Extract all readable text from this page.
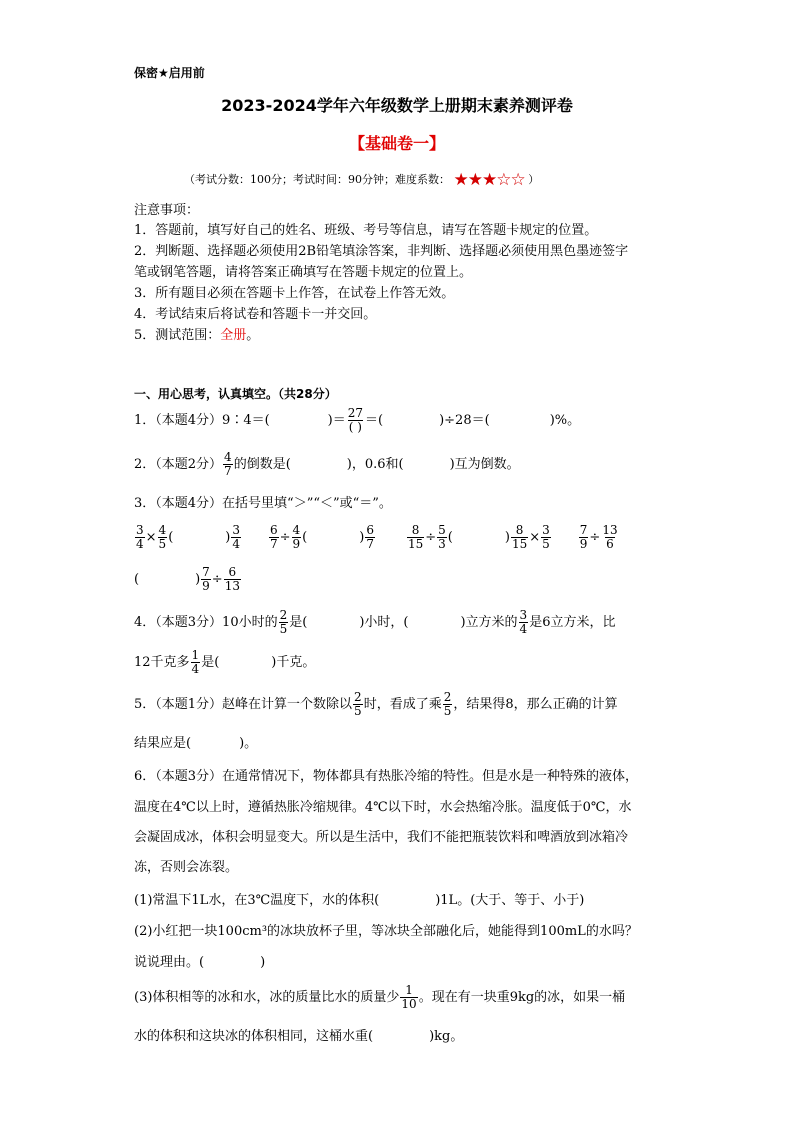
保密★启用前
2023-2024学年六年级数学上册期末素养测评卷
【基础卷一】
（考试分数：100分；考试时间：90分钟；难度系数： ★★★☆☆ ）
注意事项：
1．答题前，填写好自己的姓名、班级、考号等信息，请写在答题卡规定的位置。
2．判断题、选择题必须使用2B铅笔填涂答案，非判断、选择题必须使用黑色墨迹签字
笔或钢笔答题，请将答案正确填写在答题卡规定的位置上。
3．所有题目必须在答题卡上作答，在试卷上作答无效。
4．考试结束后将试卷和答题卡一并交回。
5．测试范围：全册。
一、用心思考，认真填空。（共28分）
1．（本题4分）9∶4＝(	)＝ $\frac{27}{( )}$ ＝(	)÷28＝(	)%。
2．（本题2分） $\frac{4}{7}$ 的倒数是(	)，0.6和(	)互为倒数。
3．（本题4分）在括号里填“＞”“＜”或“＝”。
$\frac{3}{4} \times \frac{4}{5}$ (	) $\frac{3}{4} \frac{6}{7} \div \frac{4}{9}$ (	) $\frac{6}{7}$	$\frac{8}{15} \div \frac{5}{3}$ (	) $\frac{8}{15} \times \frac{3}{5} \frac{7}{9} \div \frac{13}{6}$
(	) $\frac{7}{9} \div \frac{6}{13}$
4．（本题3分）10小时的 $\frac{2}{5}$ 是(	)小时，(	)立方米的 $\frac{3}{4}$ 是6立方米，比
12千克多 $\frac{1}{4}$ 是(	)千克。
5．（本题1分）赵峰在计算一个数除以 $\frac{2}{5}$ 时，看成了乘 $\frac{2}{5}$ ，结果得8，那么正确的计算
结果应是(	)。
6．（本题3分）在通常情况下，物体都具有热胀冷缩的特性。但是水是一种特殊的液体，
温度在4℃以上时，遵循热胀冷缩规律。4℃以下时，水会热缩冷胀。温度低于0℃，水
会凝固成冰，体积会明显变大。所以是生活中，我们不能把瓶装饮料和啤酒放到冰箱冷
冻，否则会冻裂。
(1)常温下1L水，在3℃温度下，水的体积(	)1L。(大于、等于、小于)
(2)小红把一块100cm³的冰块放杯子里，等冰块全部融化后，她能得到100mL的水吗？
说说理由。(	)
(3)体积相等的冰和水，冰的质量比水的质量少 $\frac{1}{10}$ 。现在有一块重9kg的冰，如果一桶
水的体积和这块冰的体积相同，这桶水重(	)kg。
